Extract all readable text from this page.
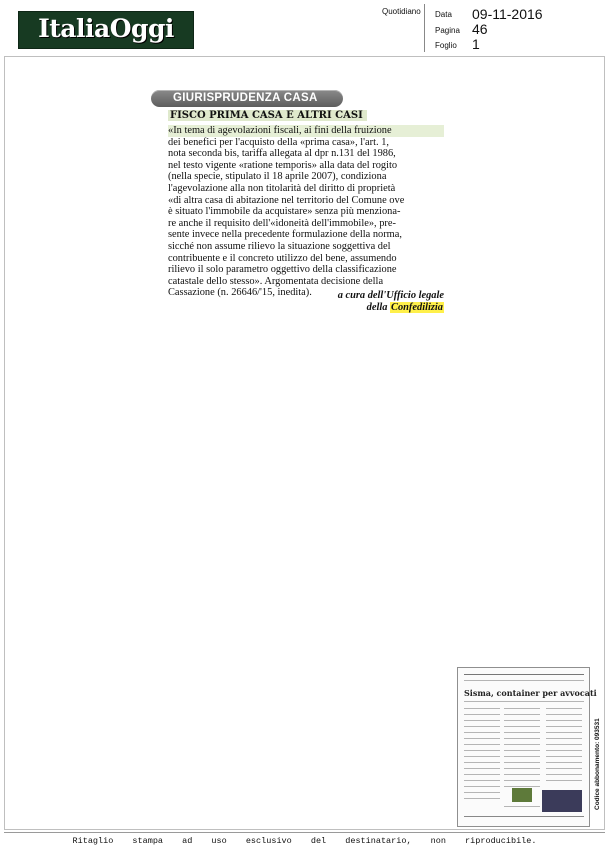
ItaliaOggi
Quotidiano Data 09-11-2016
Pagina 46
Foglio 1
GIURISPRUDENZA CASA
FISCO PRIMA CASA E ALTRI CASI
«In tema di agevolazioni fiscali, ai fini della fruizione
dei benefici per l'acquisto della «prima casa», l'art. 1,
nota seconda bis, tariffa allegata al dpr n.131 del 1986,
nel testo vigente «ratione temporis» alla data del rogito
(nella specie, stipulato il 18 aprile 2007), condiziona
l'agevolazione alla non titolarità del diritto di proprietà
«di altra casa di abitazione nel territorio del Comune ove
è situato l'immobile da acquistare» senza più menziona-
re anche il requisito dell'«idoneità dell'immobile», pre-
sente invece nella precedente formulazione della norma,
sicché non assume rilievo la situazione soggettiva del
contribuente e il concreto utilizzo del bene, assumendo
rilievo il solo parametro oggettivo della classificazione
catastale dello stesso». Argomentata decisione della
Cassazione (n. 26646/'15, inedita).	a cura dell'Ufficio legale
della Confedilizia
Sisma, container per avvocati
Codice abbonamento: 093531
Ritaglio stampa ad uso esclusivo del destinatario, non riproducibile.
